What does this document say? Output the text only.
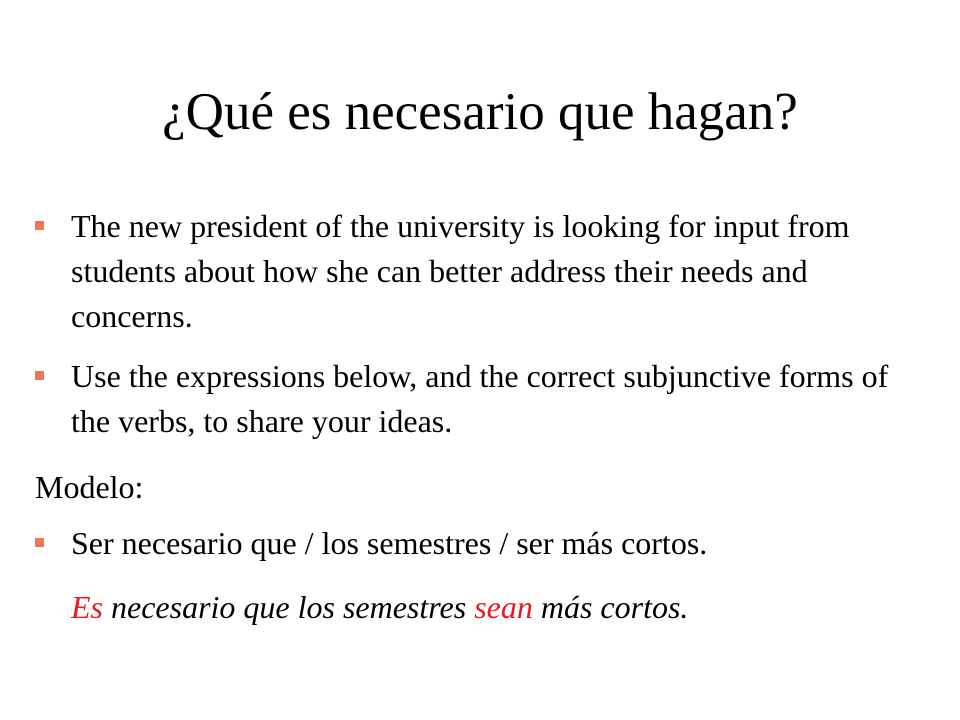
¿Qué es necesario que hagan?
The new president of the university is looking for input from students about how she can better address their needs and concerns.
Use the expressions below, and the correct subjunctive forms of the verbs, to share your ideas.
Modelo:
Ser necesario que / los semestres / ser más cortos.
Es necesario que los semestres sean más cortos.
